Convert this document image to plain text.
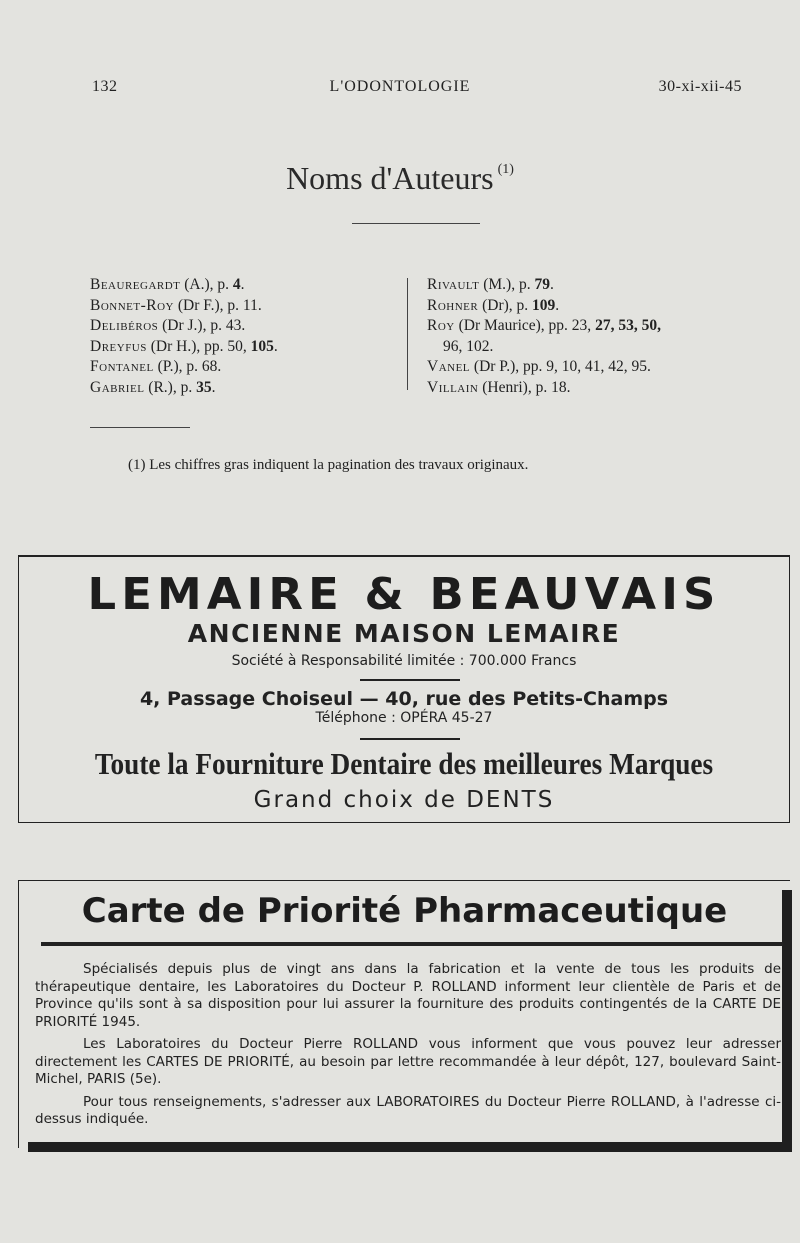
132	L'ODONTOLOGIE	30-xi-xii-45
Noms d'Auteurs $^{(1)}$
Beauregardt (A.), p. 4.
Bonnet-Roy (Dr F.), p. 11.
Delibéros (Dr J.), p. 43.
Dreyfus (Dr H.), pp. 50, 105.
Fontanel (P.), p. 68.
Gabriel (R.), p. 35.
Rivault (M.), p. 79.
Rohner (Dr), p. 109.
Roy (Dr Maurice), pp. 23, 27, 53, 50,
96, 102.
Vanel (Dr P.), pp. 9, 10, 41, 42, 95.
Villain (Henri), p. 18.
(1) Les chiffres gras indiquent la pagination des travaux originaux.
LEMAIRE & BEAUVAIS
ANCIENNE MAISON LEMAIRE
Société à Responsabilité limitée : 700.000 Francs
4, Passage Choiseul — 40, rue des Petits-Champs
Téléphone : OPÉRA 45-27
Toute la Fourniture Dentaire des meilleures Marques
Grand choix de DENTS
Carte de Priorité Pharmaceutique

Spécialisés depuis plus de vingt ans dans la fabrication et la vente de tous les produits de thérapeutique dentaire, les Laboratoires du Docteur P. ROLLAND informent leur clientèle de Paris et de Province qu'ils sont à sa disposition pour lui assurer la fourniture des produits contingentés de la CARTE DE PRIORITÉ 1945.

Les Laboratoires du Docteur Pierre ROLLAND vous informent que vous pouvez leur adresser directement les CARTES DE PRIORITÉ, au besoin par lettre recommandée à leur dépôt, 127, boulevard Saint-Michel, PARIS (5e).

Pour tous renseignements, s'adresser aux LABORATOIRES du Docteur Pierre ROLLAND, à l'adresse ci-dessus indiquée.
